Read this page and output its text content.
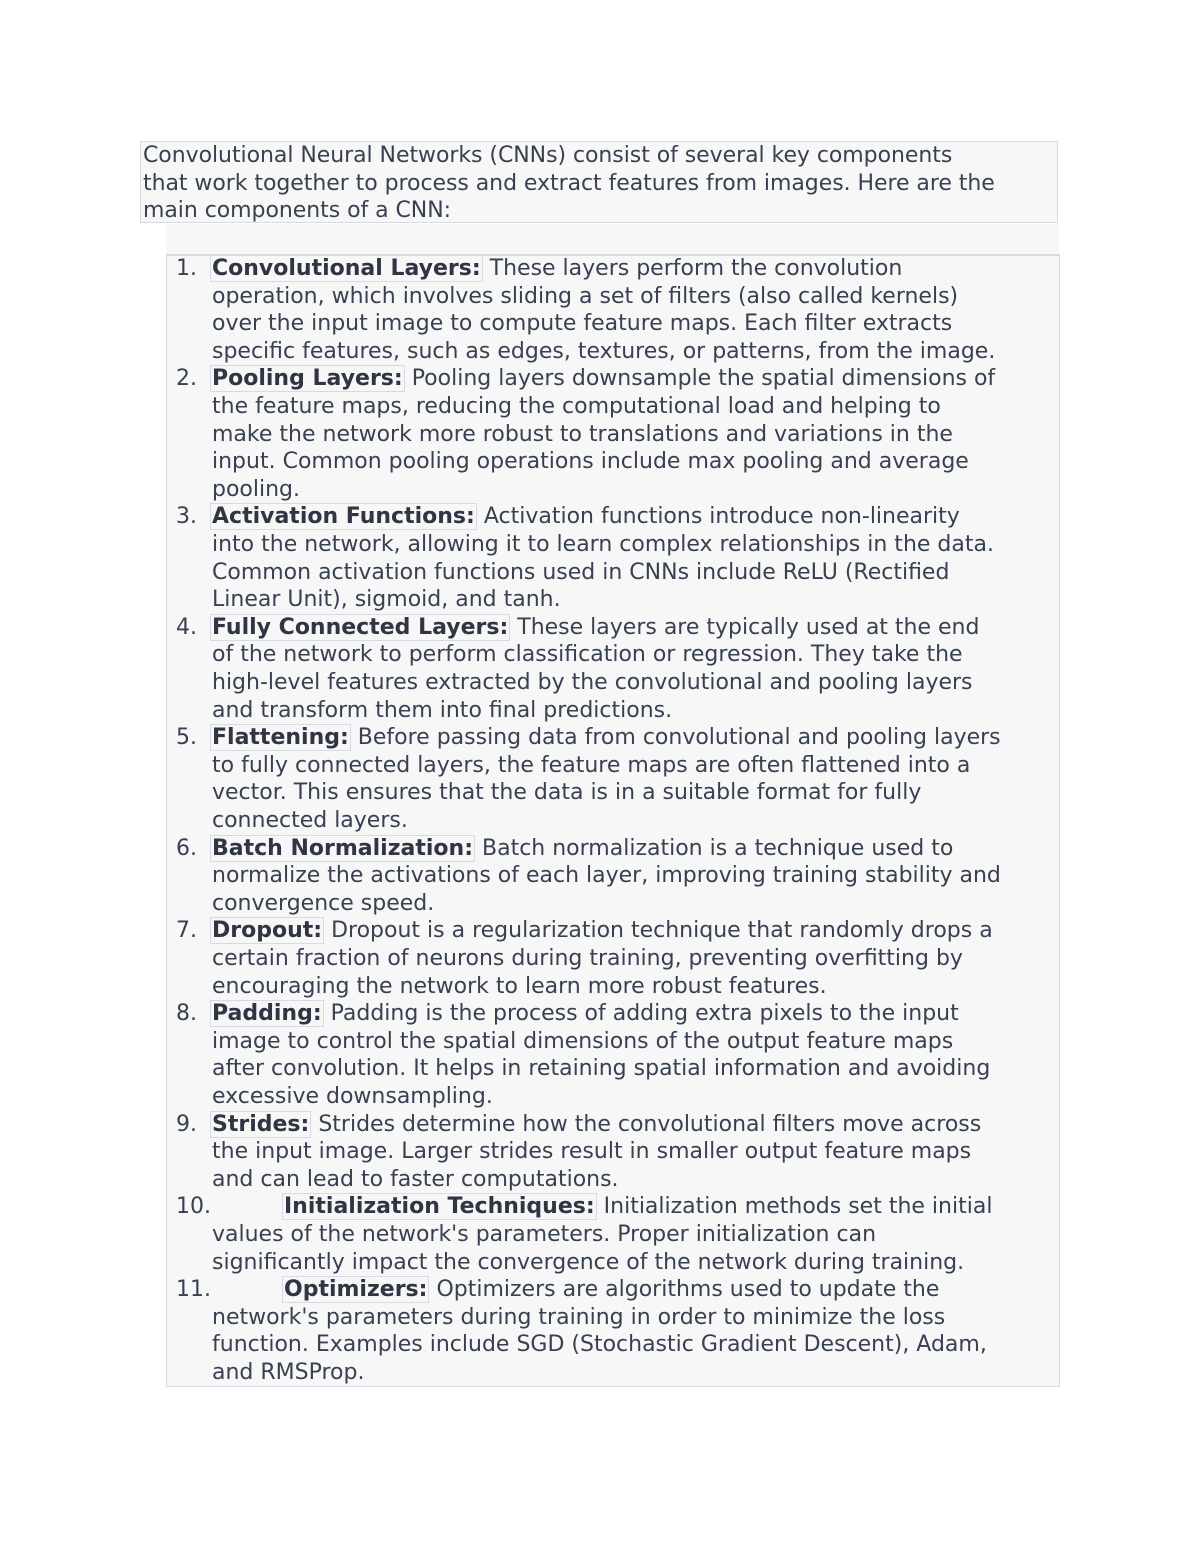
Convolutional Neural Networks (CNNs) consist of several key components
that work together to process and extract features from images. Here are the
main components of a CNN:
1. Convolutional Layers: These layers perform the convolution
operation, which involves sliding a set of filters (also called kernels)
over the input image to compute feature maps. Each filter extracts
specific features, such as edges, textures, or patterns, from the image.
2. Pooling Layers: Pooling layers downsample the spatial dimensions of
the feature maps, reducing the computational load and helping to
make the network more robust to translations and variations in the
input. Common pooling operations include max pooling and average
pooling.
3. Activation Functions: Activation functions introduce non-linearity
into the network, allowing it to learn complex relationships in the data.
Common activation functions used in CNNs include ReLU (Rectified
Linear Unit), sigmoid, and tanh.
4. Fully Connected Layers: These layers are typically used at the end
of the network to perform classification or regression. They take the
high-level features extracted by the convolutional and pooling layers
and transform them into final predictions.
5. Flattening: Before passing data from convolutional and pooling layers
to fully connected layers, the feature maps are often flattened into a
vector. This ensures that the data is in a suitable format for fully
connected layers.
6. Batch Normalization: Batch normalization is a technique used to
normalize the activations of each layer, improving training stability and
convergence speed.
7. Dropout: Dropout is a regularization technique that randomly drops a
certain fraction of neurons during training, preventing overfitting by
encouraging the network to learn more robust features.
8. Padding: Padding is the process of adding extra pixels to the input
image to control the spatial dimensions of the output feature maps
after convolution. It helps in retaining spatial information and avoiding
excessive downsampling.
9. Strides: Strides determine how the convolutional filters move across
the input image. Larger strides result in smaller output feature maps
and can lead to faster computations.
10.	Initialization Techniques: Initialization methods set the initial
values of the network's parameters. Proper initialization can
significantly impact the convergence of the network during training.
11.	Optimizers: Optimizers are algorithms used to update the
network's parameters during training in order to minimize the loss
function. Examples include SGD (Stochastic Gradient Descent), Adam,
and RMSProp.
